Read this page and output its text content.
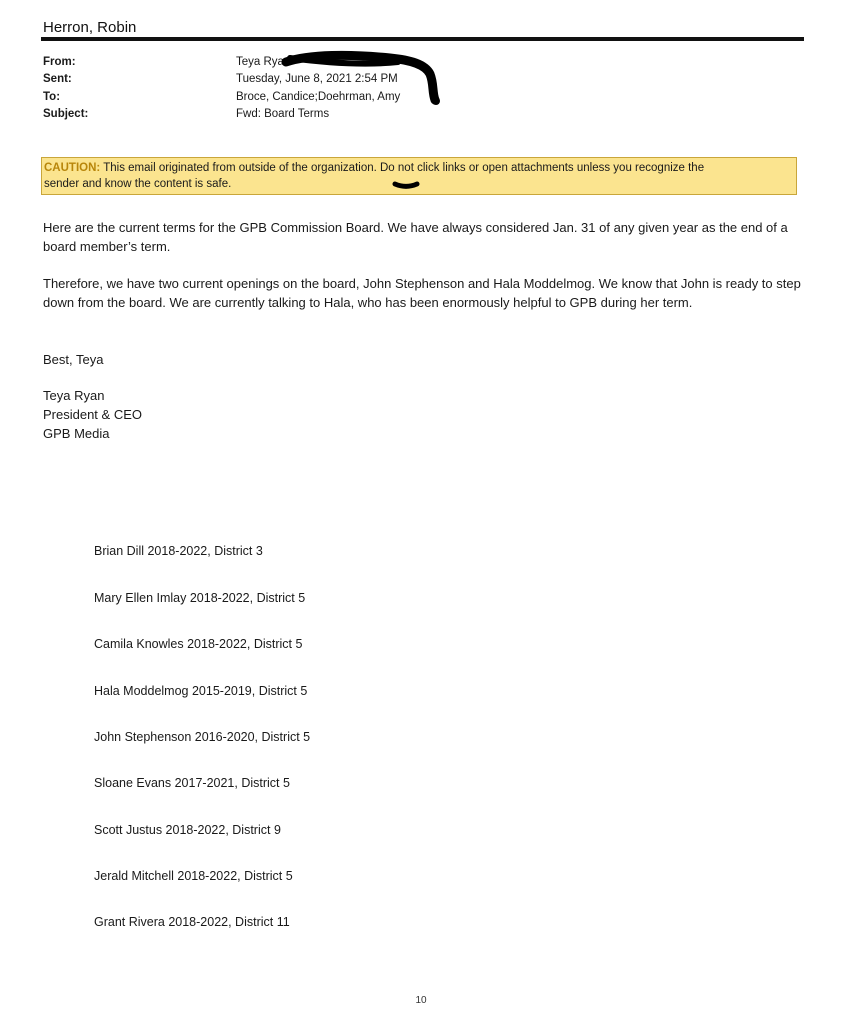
Herron, Robin
From:	Teya Ryan
Sent:	Tuesday, June 8, 2021 2:54 PM
To:	Broce, Candice;Doehrman, Amy
Subject:	Fwd: Board Terms
CAUTION: This email originated from outside of the organization. Do not click links or open attachments unless you recognize the
sender and know the content is safe.

Here are the current terms for the GPB Commission Board. We have always considered Jan. 31 of any given year as the end of a board member’s term.

Therefore, we have two current openings on the board, John Stephenson and Hala Moddelmog. We know that John is ready to step down from the board. We are currently talking to Hala, who has been enormously helpful to GPB during her term.

Best, Teya
Teya Ryan
President & CEO
GPB Media
Brian Dill 2018-2022, District 3
Mary Ellen Imlay 2018-2022, District 5
Camila Knowles 2018-2022, District 5
Hala Moddelmog 2015-2019, District 5
John Stephenson 2016-2020, District 5
Sloane Evans 2017-2021, District 5
Scott Justus 2018-2022, District 9
Jerald Mitchell 2018-2022, District 5
Grant Rivera 2018-2022, District 11
10
